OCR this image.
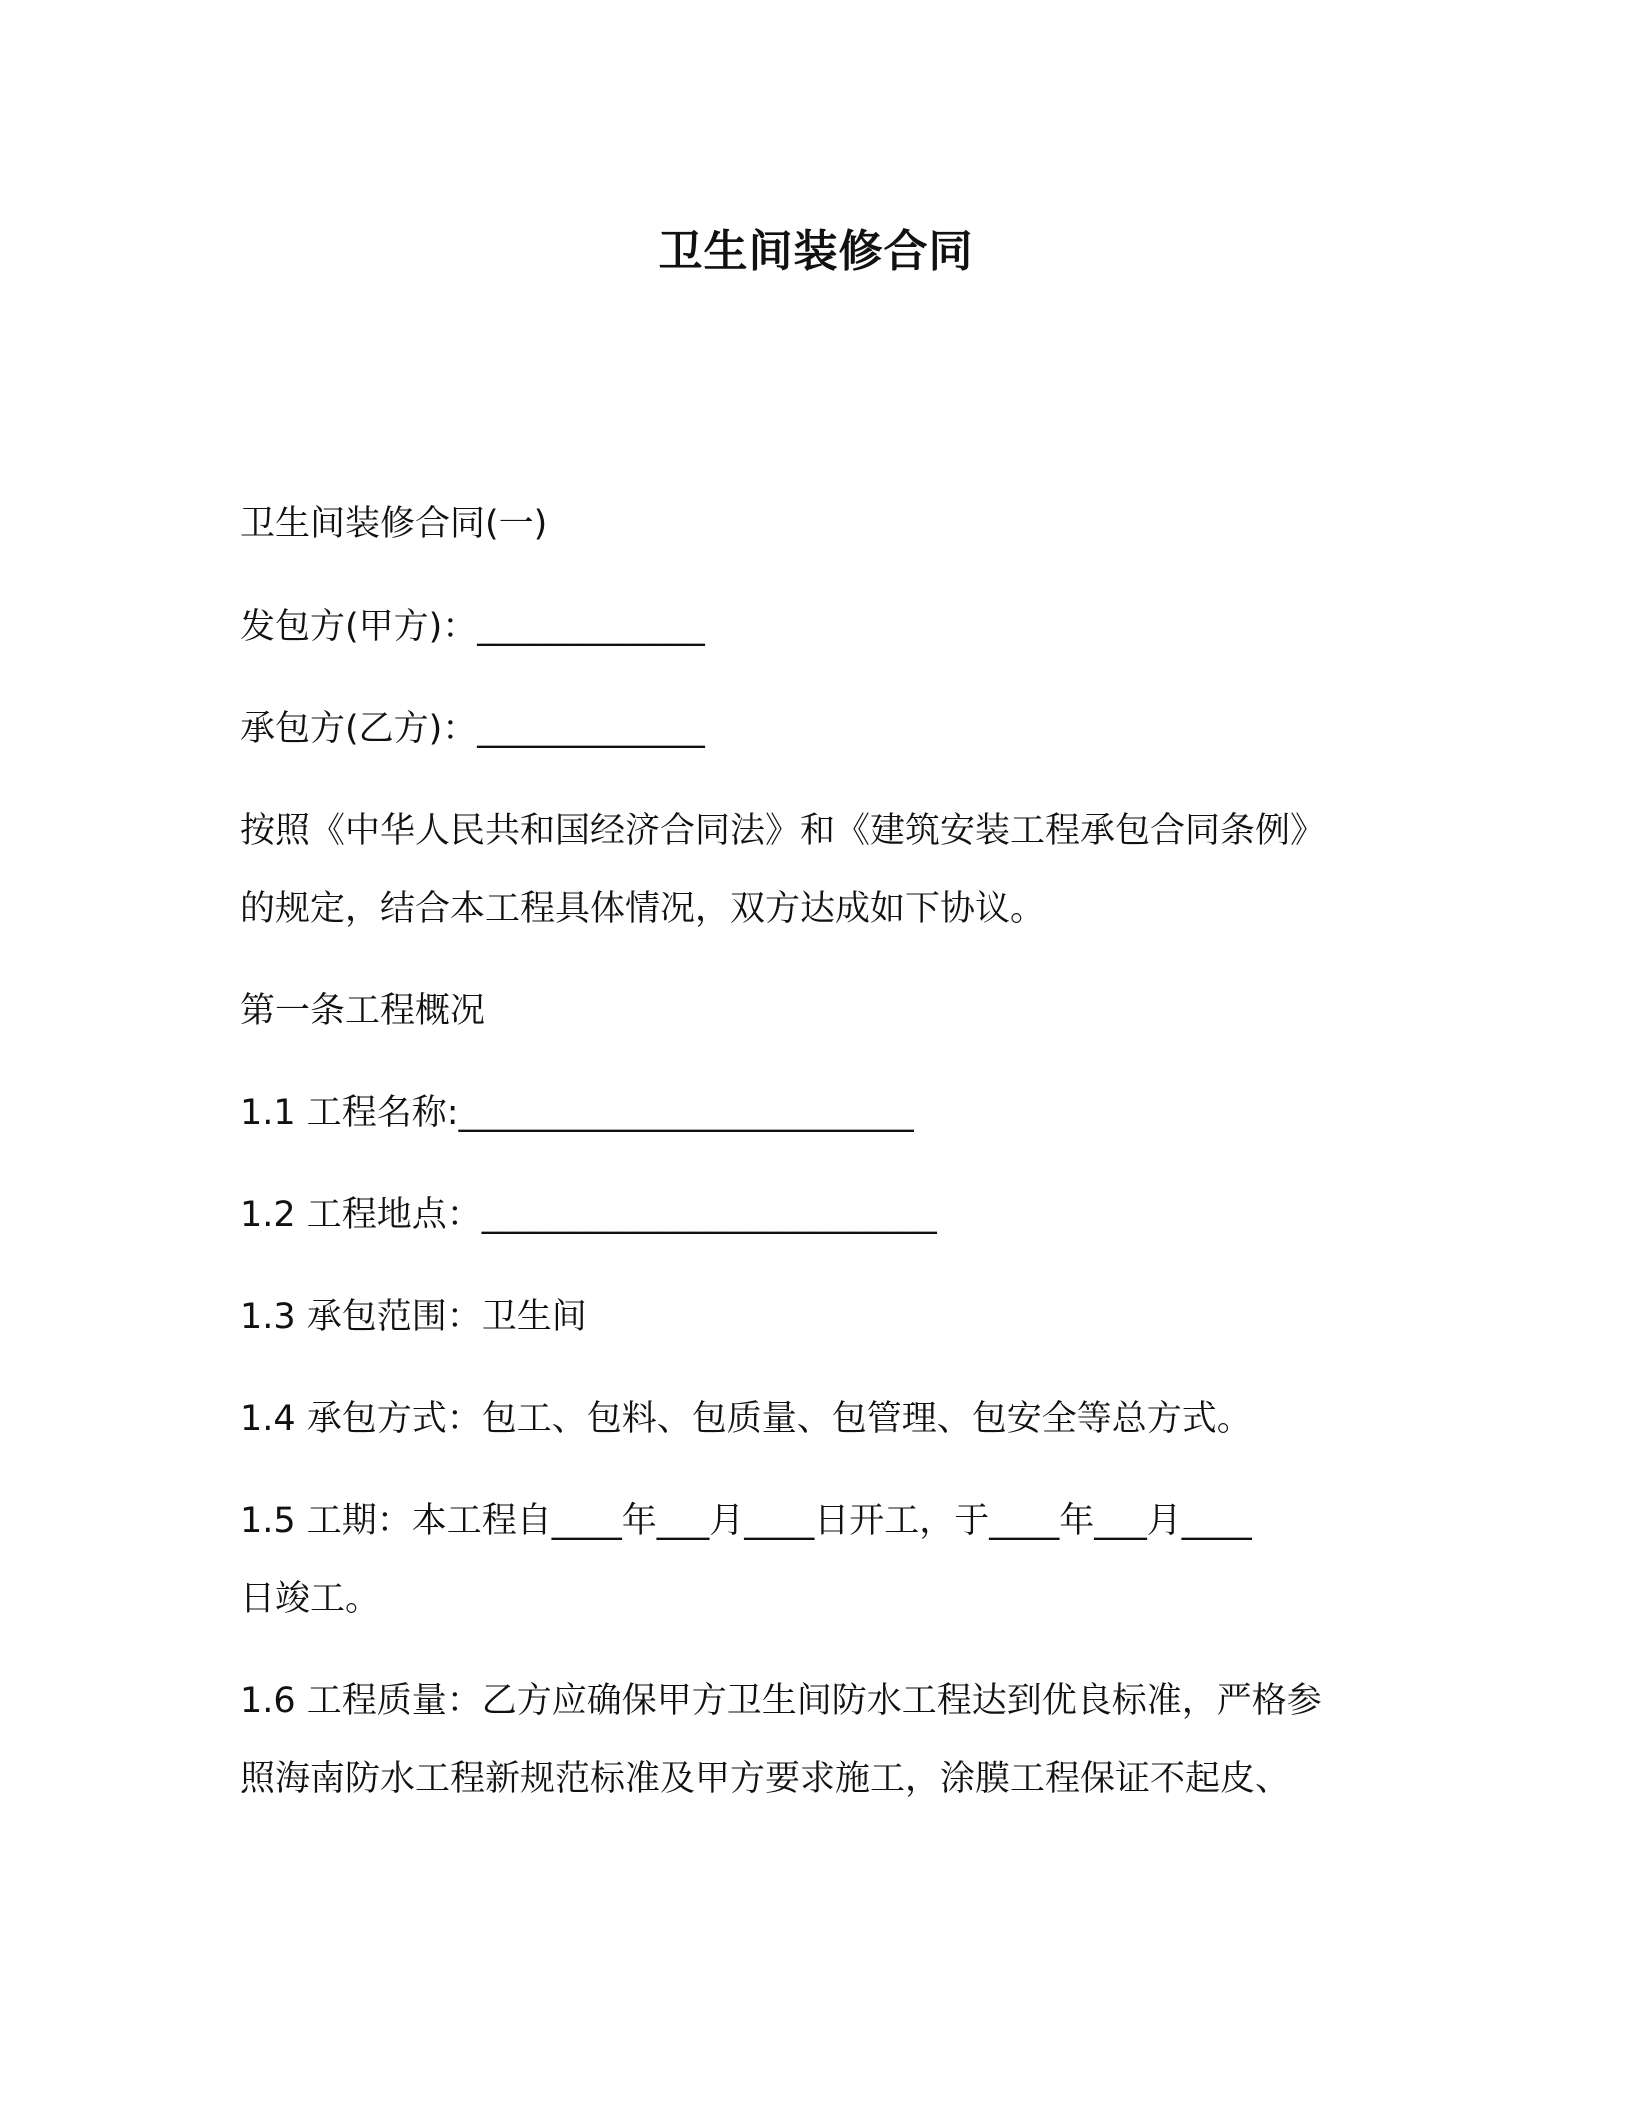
卫生间装修合同
卫生间装修合同(一)
发包方(甲方)：_____________
承包方(乙方)：_____________
按照《中华人民共和国经济合同法》和《建筑安装工程承包合同条例》
的规定，结合本工程具体情况，双方达成如下协议。
第一条工程概况
1.1 工程名称:__________________________
1.2 工程地点：__________________________
1.3 承包范围：卫生间
1.4 承包方式：包工、包料、包质量、包管理、包安全等总方式。
1.5 工期：本工程自____年___月____日开工，于____年___月____
日竣工。
1.6 工程质量：乙方应确保甲方卫生间防水工程达到优良标准，严格参
照海南防水工程新规范标准及甲方要求施工，涂膜工程保证不起皮、
